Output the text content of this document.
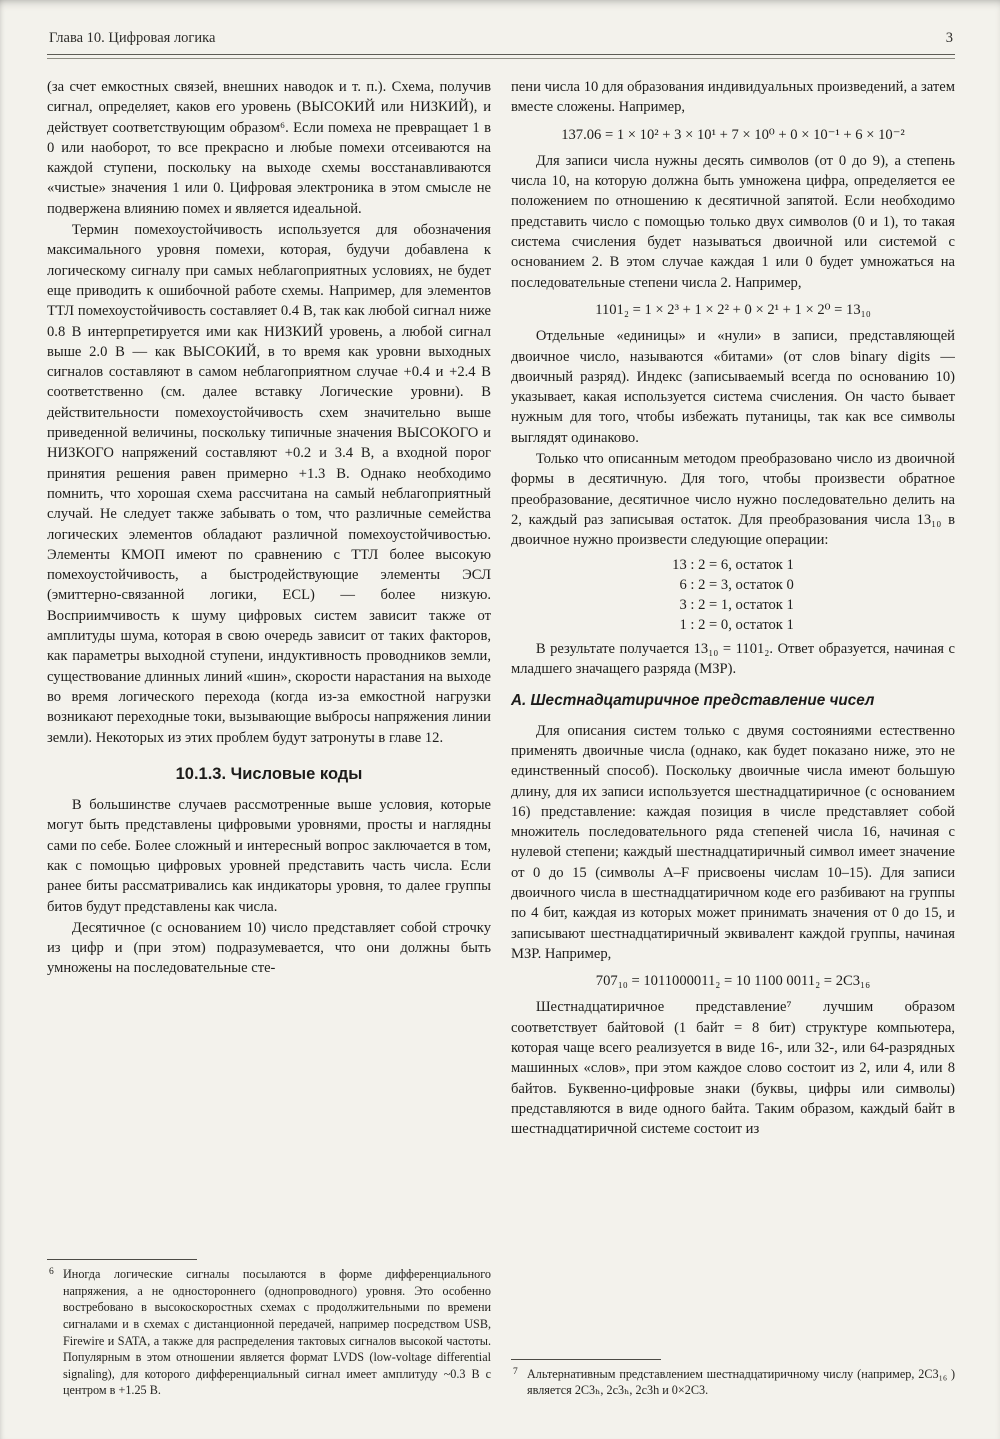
Глава 10. Цифровая логика	3

(за счет емкостных связей, внешних наводок и т. п.). Схема, получив сигнал, определяет, каков его уровень (ВЫСОКИЙ или НИЗКИЙ), и действует соответствующим образом⁶. Если помеха не превращает 1 в 0 или наоборот, то все прекрасно и любые помехи отсеиваются на каждой ступени, поскольку на выходе схемы восстанавливаются «чистые» значения 1 или 0. Цифровая электроника в этом смысле не подвержена влиянию помех и является идеальной.

Термин помехоустойчивость используется для обозначения максимального уровня помехи, которая, будучи добавлена к логическому сигналу при самых неблагоприятных условиях, не будет еще приводить к ошибочной работе схемы. Например, для элементов ТТЛ помехоустойчивость составляет 0.4 В, так как любой сигнал ниже 0.8 В интерпретируется ими как НИЗКИЙ уровень, а любой сигнал выше 2.0 В — как ВЫСОКИЙ, в то время как уровни выходных сигналов составляют в самом неблагоприятном случае +0.4 и +2.4 В соответственно (см. далее вставку Логические уровни). В действительности помехоустойчивость схем значительно выше приведенной величины, поскольку типичные значения ВЫСОКОГО и НИЗКОГО напряжений составляют +0.2 и 3.4 В, а входной порог принятия решения равен примерно +1.3 В. Однако необходимо помнить, что хорошая схема рассчитана на самый неблагоприятный случай. Не следует также забывать о том, что различные семейства логических элементов обладают различной помехоустойчивостью. Элементы КМОП имеют по сравнению с ТТЛ более высокую помехоустойчивость, а быстродействующие элементы ЭСЛ (эмиттерно-связанной логики, ECL) — более низкую. Восприимчивость к шуму цифровых систем зависит также от амплитуды шума, которая в свою очередь зависит от таких факторов, как параметры выходной ступени, индуктивность проводников земли, существование длинных линий «шин», скорости нарастания на выходе во время логического перехода (когда из-за емкостной нагрузки возникают переходные токи, вызывающие выбросы напряжения линии земли). Некоторых из этих проблем будут затронуты в главе 12.

10.1.3. Числовые коды

В большинстве случаев рассмотренные выше условия, которые могут быть представлены цифровыми уровнями, просты и наглядны сами по себе. Более сложный и интересный вопрос заключается в том, как с помощью цифровых уровней представить часть числа. Если ранее биты рассматривались как индикаторы уровня, то далее группы битов будут представлены как числа.

Десятичное (с основанием 10) число представляет собой строчку из цифр и (при этом) подразумевается, что они должны быть умножены на последовательные сте-

6 Иногда логические сигналы посылаются в форме дифференциального напряжения, а не одностороннего (однопроводного) уровня. Это особенно востребовано в высокоскоростных схемах с продолжительными по времени сигналами и в схемах с дистанционной передачей, например посредством USB, Firewire и SATA, а также для распределения тактовых сигналов высокой частоты. Популярным в этом отношении является формат LVDS (low-voltage differential signaling), для которого дифференциальный сигнал имеет амплитуду ~0.3 В с центром в +1.25 В.

пени числа 10 для образования индивидуальных произведений, а затем вместе сложены. Например,

137.06 = 1 × 10² + 3 × 10¹ + 7 × 10⁰ + 0 × 10⁻¹ + 6 × 10⁻²

Для записи числа нужны десять символов (от 0 до 9), а степень числа 10, на которую должна быть умножена цифра, определяется ее положением по отношению к десятичной запятой. Если необходимо представить число с помощью только двух символов (0 и 1), то такая система счисления будет называться двоичной или системой с основанием 2. В этом случае каждая 1 или 0 будет умножаться на последовательные степени числа 2. Например,

1101₂ = 1 × 2³ + 1 × 2² + 0 × 2¹ + 1 × 2⁰ = 13₁₀

Отдельные «единицы» и «нули» в записи, представляющей двоичное число, называются «битами» (от слов binary digits — двоичный разряд). Индекс (записываемый всегда по основанию 10) указывает, какая используется система счисления. Он часто бывает нужным для того, чтобы избежать путаницы, так как все символы выглядят одинаково.

Только что описанным методом преобразовано число из двоичной формы в десятичную. Для того, чтобы произвести обратное преобразование, десятичное число нужно последовательно делить на 2, каждый раз записывая остаток. Для преобразования числа 13₁₀ в двоичное нужно произвести следующие операции:

13 : 2 = 6, остаток 1
6 : 2 = 3, остаток 0
3 : 2 = 1, остаток 1
1 : 2 = 0, остаток 1

В результате получается 13₁₀ = 1101₂. Ответ образуется, начиная с младшего значащего разряда (МЗР).

А. Шестнадцатиричное представление чисел

Для описания систем только с двумя состояниями естественно применять двоичные числа (однако, как будет показано ниже, это не единственный способ). Поскольку двоичные числа имеют большую длину, для их записи используется шестнадцатиричное (с основанием 16) представление: каждая позиция в числе представляет собой множитель последовательного ряда степеней числа 16, начиная с нулевой степени; каждый шестнадцатиричный символ имеет значение от 0 до 15 (символы A–F присвоены числам 10–15). Для записи двоичного числа в шестнадцатиричном коде его разбивают на группы по 4 бит, каждая из которых может принимать значения от 0 до 15, и записывают шестнадцатиричный эквивалент каждой группы, начиная МЗР. Например,

707₁₀ = 1011000011₂ = 10 1100 0011₂ = 2C3₁₆

Шестнадцатиричное представление⁷ лучшим образом соответствует байтовой (1 байт = 8 бит) структуре компьютера, которая чаще всего реализуется в виде 16-, или 32-, или 64-разрядных машинных «слов», при этом каждое слово состоит из 2, или 4, или 8 байтов. Буквенно-цифровые знаки (буквы, цифры или символы) представляются в виде одного байта. Таким образом, каждый байт в шестнадцатиричной системе состоит из

7 Альтернативным представлением шестнадцатиричному числу (например, 2C3₁₆ ) является 2C3ₕ, 2c3ₕ, 2c3h и 0×2C3.
